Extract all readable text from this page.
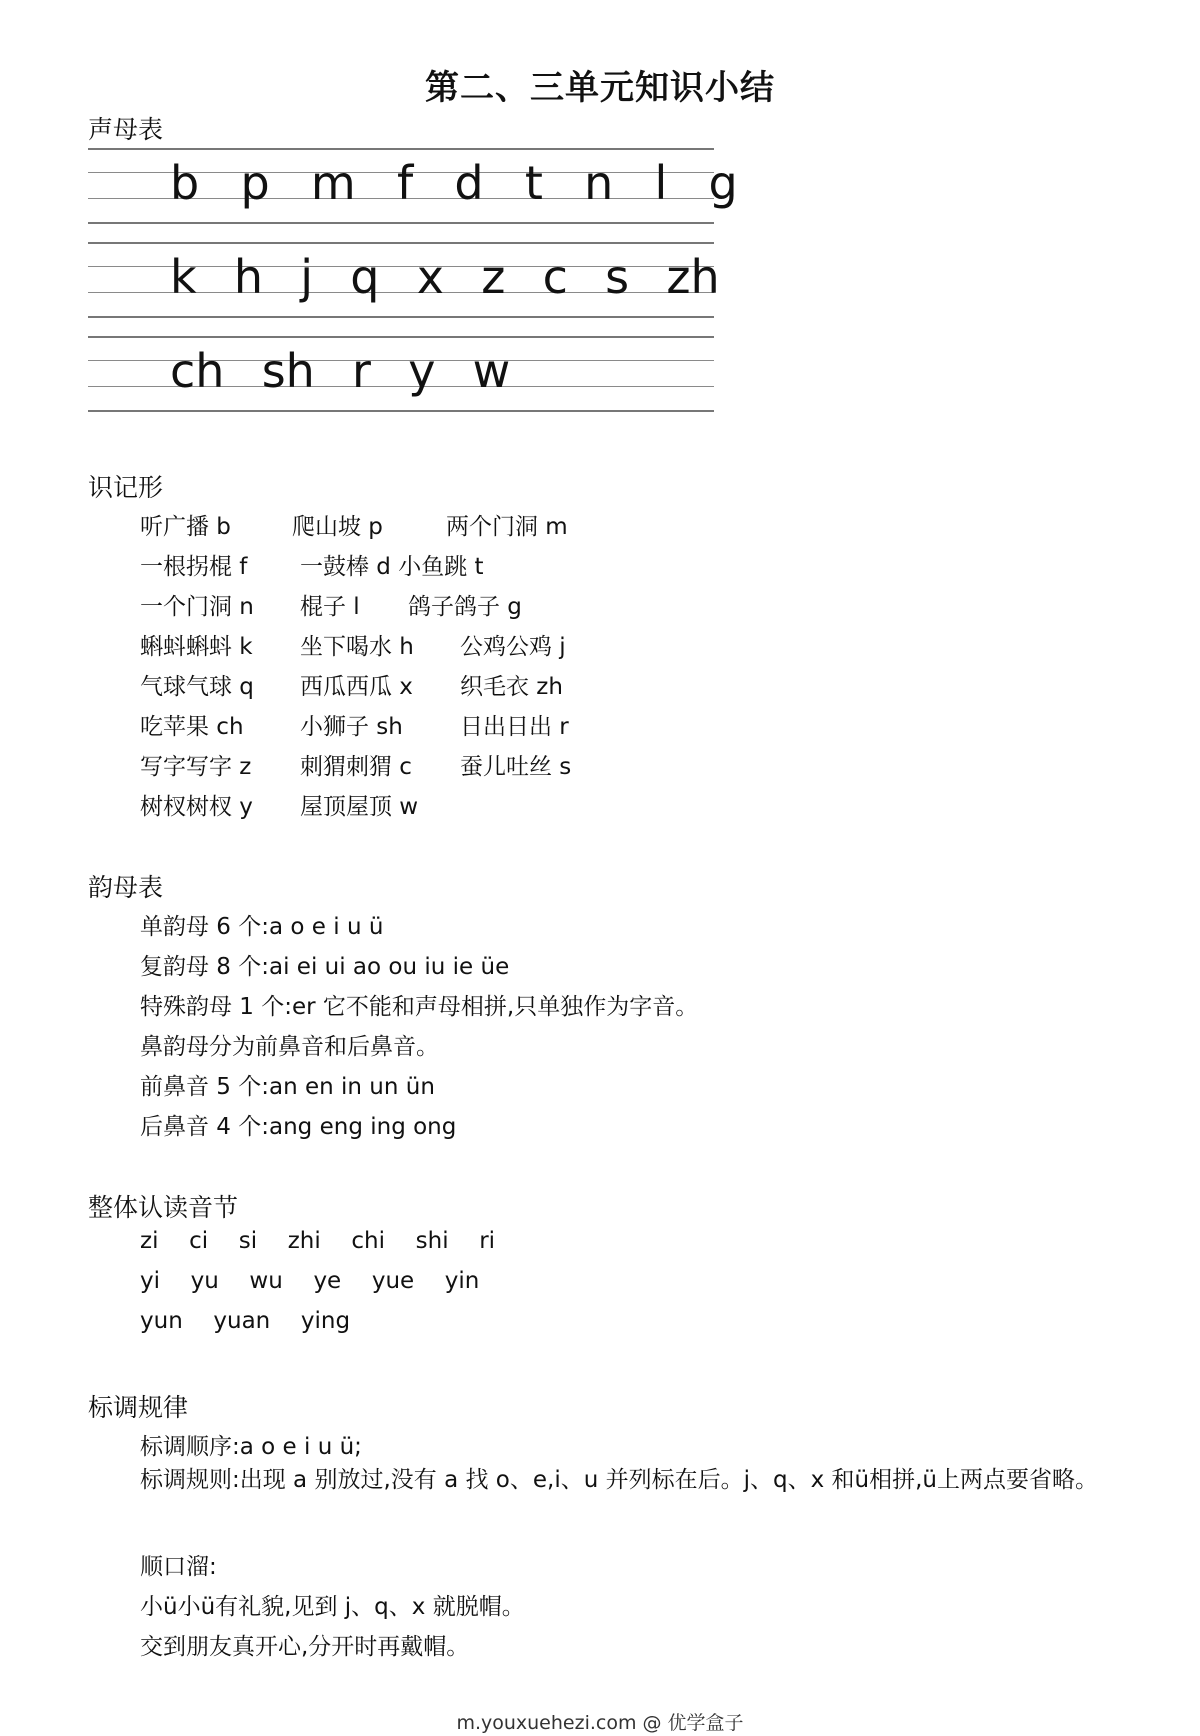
第二、三单元知识小结
声母表
b  p  m  f  d  t  n  l  g
k  h  j  q  x  z  c  s  zh
ch  sh  r  y  w
识记形
听广播 b	爬山坡 p	两个门洞 m
一根拐棍 f 一鼓棒 d 小鱼跳 t
一个门洞 n 棍子 l 鸽子鸽子 g
蝌蚪蝌蚪 k 坐下喝水 h 公鸡公鸡 j
气球气球 q 西瓜西瓜 x 织毛衣 zh
吃苹果 ch 小狮子 sh 日出日出 r
写字写字 z 刺猬刺猬 c 蚕儿吐丝 s
树杈树杈 y 屋顶屋顶 w
韵母表
单韵母 6 个:a o e i u ü
复韵母 8 个:ai ei ui ao ou iu ie üe
特殊韵母 1 个:er 它不能和声母相拼,只单独作为字音。
鼻韵母分为前鼻音和后鼻音。
前鼻音 5 个:an en in un ün
后鼻音 4 个:ang eng ing ong
整体认读音节
zi  ci  si  zhi  chi  shi  ri
yi  yu  wu  ye  yue  yin
yun  yuan  ying
标调规律
标调顺序:a o e i u ü;
标调规则:出现 a 别放过,没有 a 找 o、e,i、u 并列标在后。j、q、x 和ü相拼,ü上两点要省略。
顺口溜:
小ü小ü有礼貌,见到 j、q、x 就脱帽。
交到朋友真开心,分开时再戴帽。
m.youxuehezi.com @ 优学盒子
